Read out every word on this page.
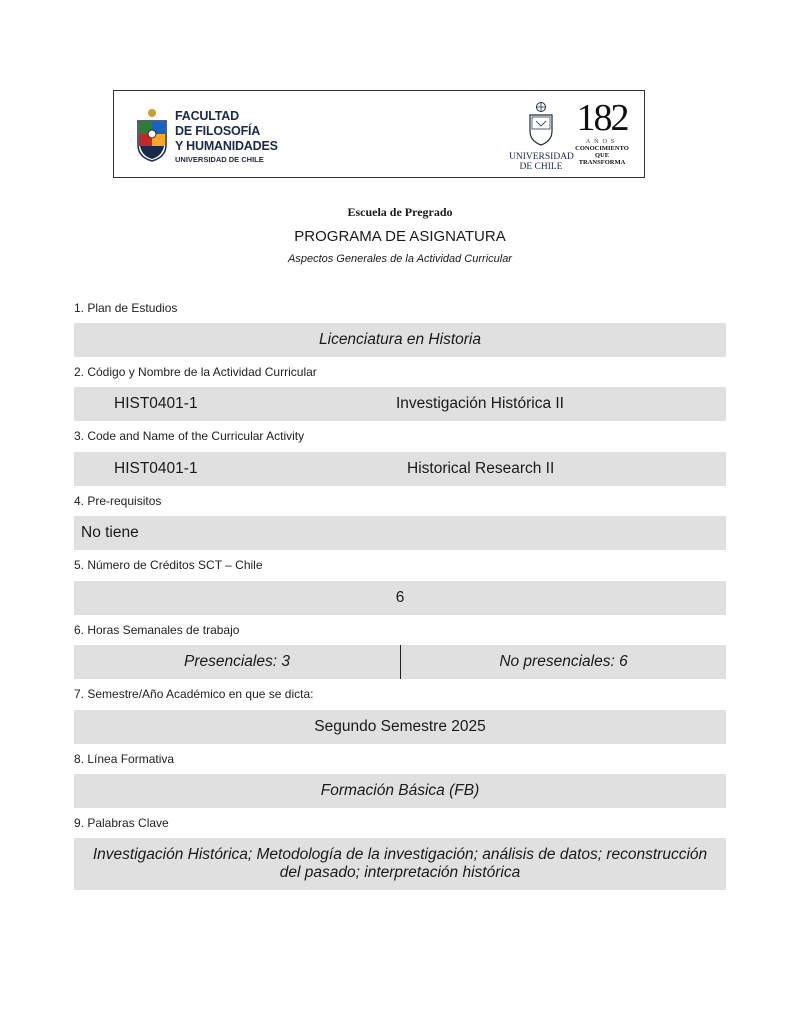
FACULTAD
DE FILOSOFÍA
Y HUMANIDADES
UNIVERSIDAD DE CHILE	UNIVERSIDAD
DE CHILE
182
AÑOS
CONOCIMIENTO
QUE TRANSFORMA
Escuela de Pregrado
PROGRAMA DE ASIGNATURA
Aspectos Generales de la Actividad Curricular
1. Plan de Estudios
Licenciatura en Historia
2. Código y Nombre de la Actividad Curricular
HIST0401-1	Investigación Histórica II
3. Code and Name of the Curricular Activity
HIST0401-1	Historical Research II
4. Pre-requisitos
No tiene
5. Número de Créditos SCT – Chile
6
6. Horas Semanales de trabajo
Presenciales: 3	No presenciales: 6
7. Semestre/Año Académico en que se dicta:
Segundo Semestre 2025
8. Línea Formativa
Formación Básica (FB)
9. Palabras Clave
Investigación Histórica; Metodología de la investigación; análisis de datos; reconstrucción
del pasado; interpretación histórica
